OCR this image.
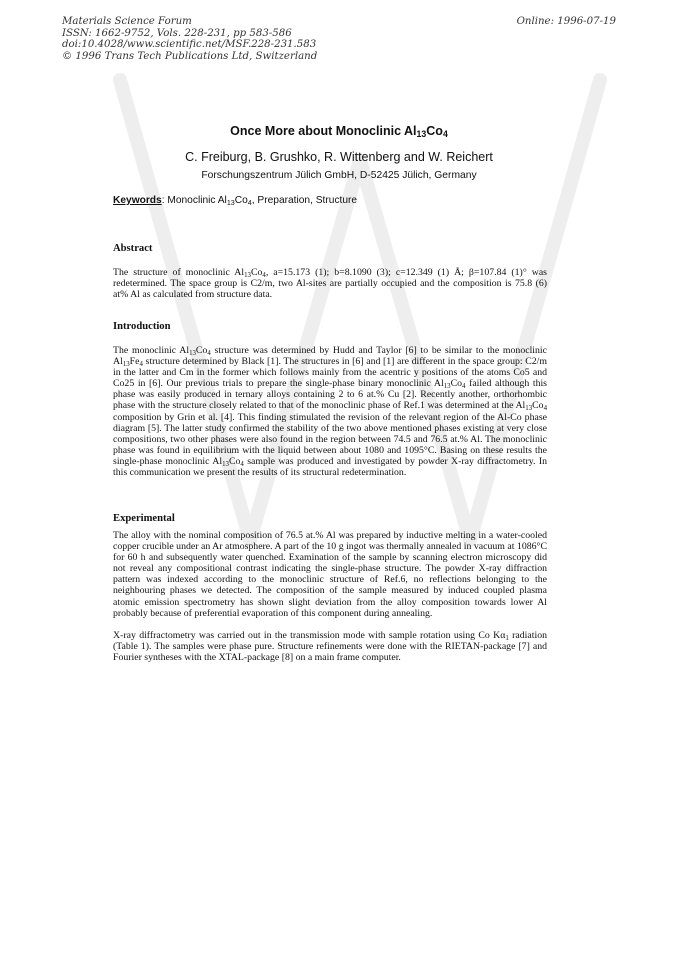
Materials Science Forum
ISSN: 1662-9752, Vols. 228-231, pp 583-586
doi:10.4028/www.scientific.net/MSF.228-231.583
© 1996 Trans Tech Publications Ltd, Switzerland
Online: 1996-07-19
Once More about Monoclinic $Al_{13}Co_4$
C. Freiburg, B. Grushko, R. Wittenberg and W. Reichert
Forschungszentrum Jülich GmbH, D-52425 Jülich, Germany
Keywords: Monoclinic $Al_{13}Co_4$, Preparation, Structure
Abstract
The structure of monoclinic $Al_{13}Co_4$, a=15.173 (1); b=8.1090 (3); c=12.349 (1) Å; β=107.84 (1)° was redetermined. The space group is C2/m, two Al-sites are partially occupied and the composition is 75.8 (6) at% Al as calculated from structure data.
Introduction
The monoclinic $Al_{13}Co_4$ structure was determined by Hudd and Taylor [6] to be similar to the monoclinic $Al_{13}Fe_4$ structure determined by Black [1]. The structures in [6] and [1] are different in the space group: C2/m in the latter and Cm in the former which follows mainly from the acentric y positions of the atoms Co5 and Co25 in [6]. Our previous trials to prepare the single-phase binary monoclinic $Al_{13}Co_4$ failed although this phase was easily produced in ternary alloys containing 2 to 6 at.% Cu [2]. Recently another, orthorhombic phase with the structure closely related to that of the monoclinic phase of Ref.1 was determined at the $Al_{13}Co_4$ composition by Grin et al. [4]. This finding stimulated the revision of the relevant region of the Al-Co phase diagram [5]. The latter study confirmed the stability of the two above mentioned phases existing at very close compositions, two other phases were also found in the region between 74.5 and 76.5 at.% Al. The monoclinic phase was found in equilibrium with the liquid between about 1080 and 1095°C. Basing on these results the single-phase monoclinic $Al_{13}Co_4$ sample was produced and investigated by powder X-ray diffractometry. In this communication we present the results of its structural redetermination.
Experimental
The alloy with the nominal composition of 76.5 at.% Al was prepared by inductive melting in a water-cooled copper crucible under an Ar atmosphere. A part of the 10 g ingot was thermally annealed in vacuum at 1086°C for 60 h and subsequently water quenched. Examination of the sample by scanning electron microscopy did not reveal any compositional contrast indicating the single-phase structure. The powder X-ray diffraction pattern was indexed according to the monoclinic structure of Ref.6, no reflections belonging to the neighbouring phases we detected. The composition of the sample measured by induced coupled plasma atomic emission spectrometry has shown slight deviation from the alloy composition towards lower Al probably because of preferential evaporation of this component during annealing.
X-ray diffractometry was carried out in the transmission mode with sample rotation using Co $K\alpha_1$ radiation (Table 1). The samples were phase pure. Structure refinements were done with the RIETAN-package [7] and Fourier syntheses with the XTAL-package [8] on a main frame computer.
